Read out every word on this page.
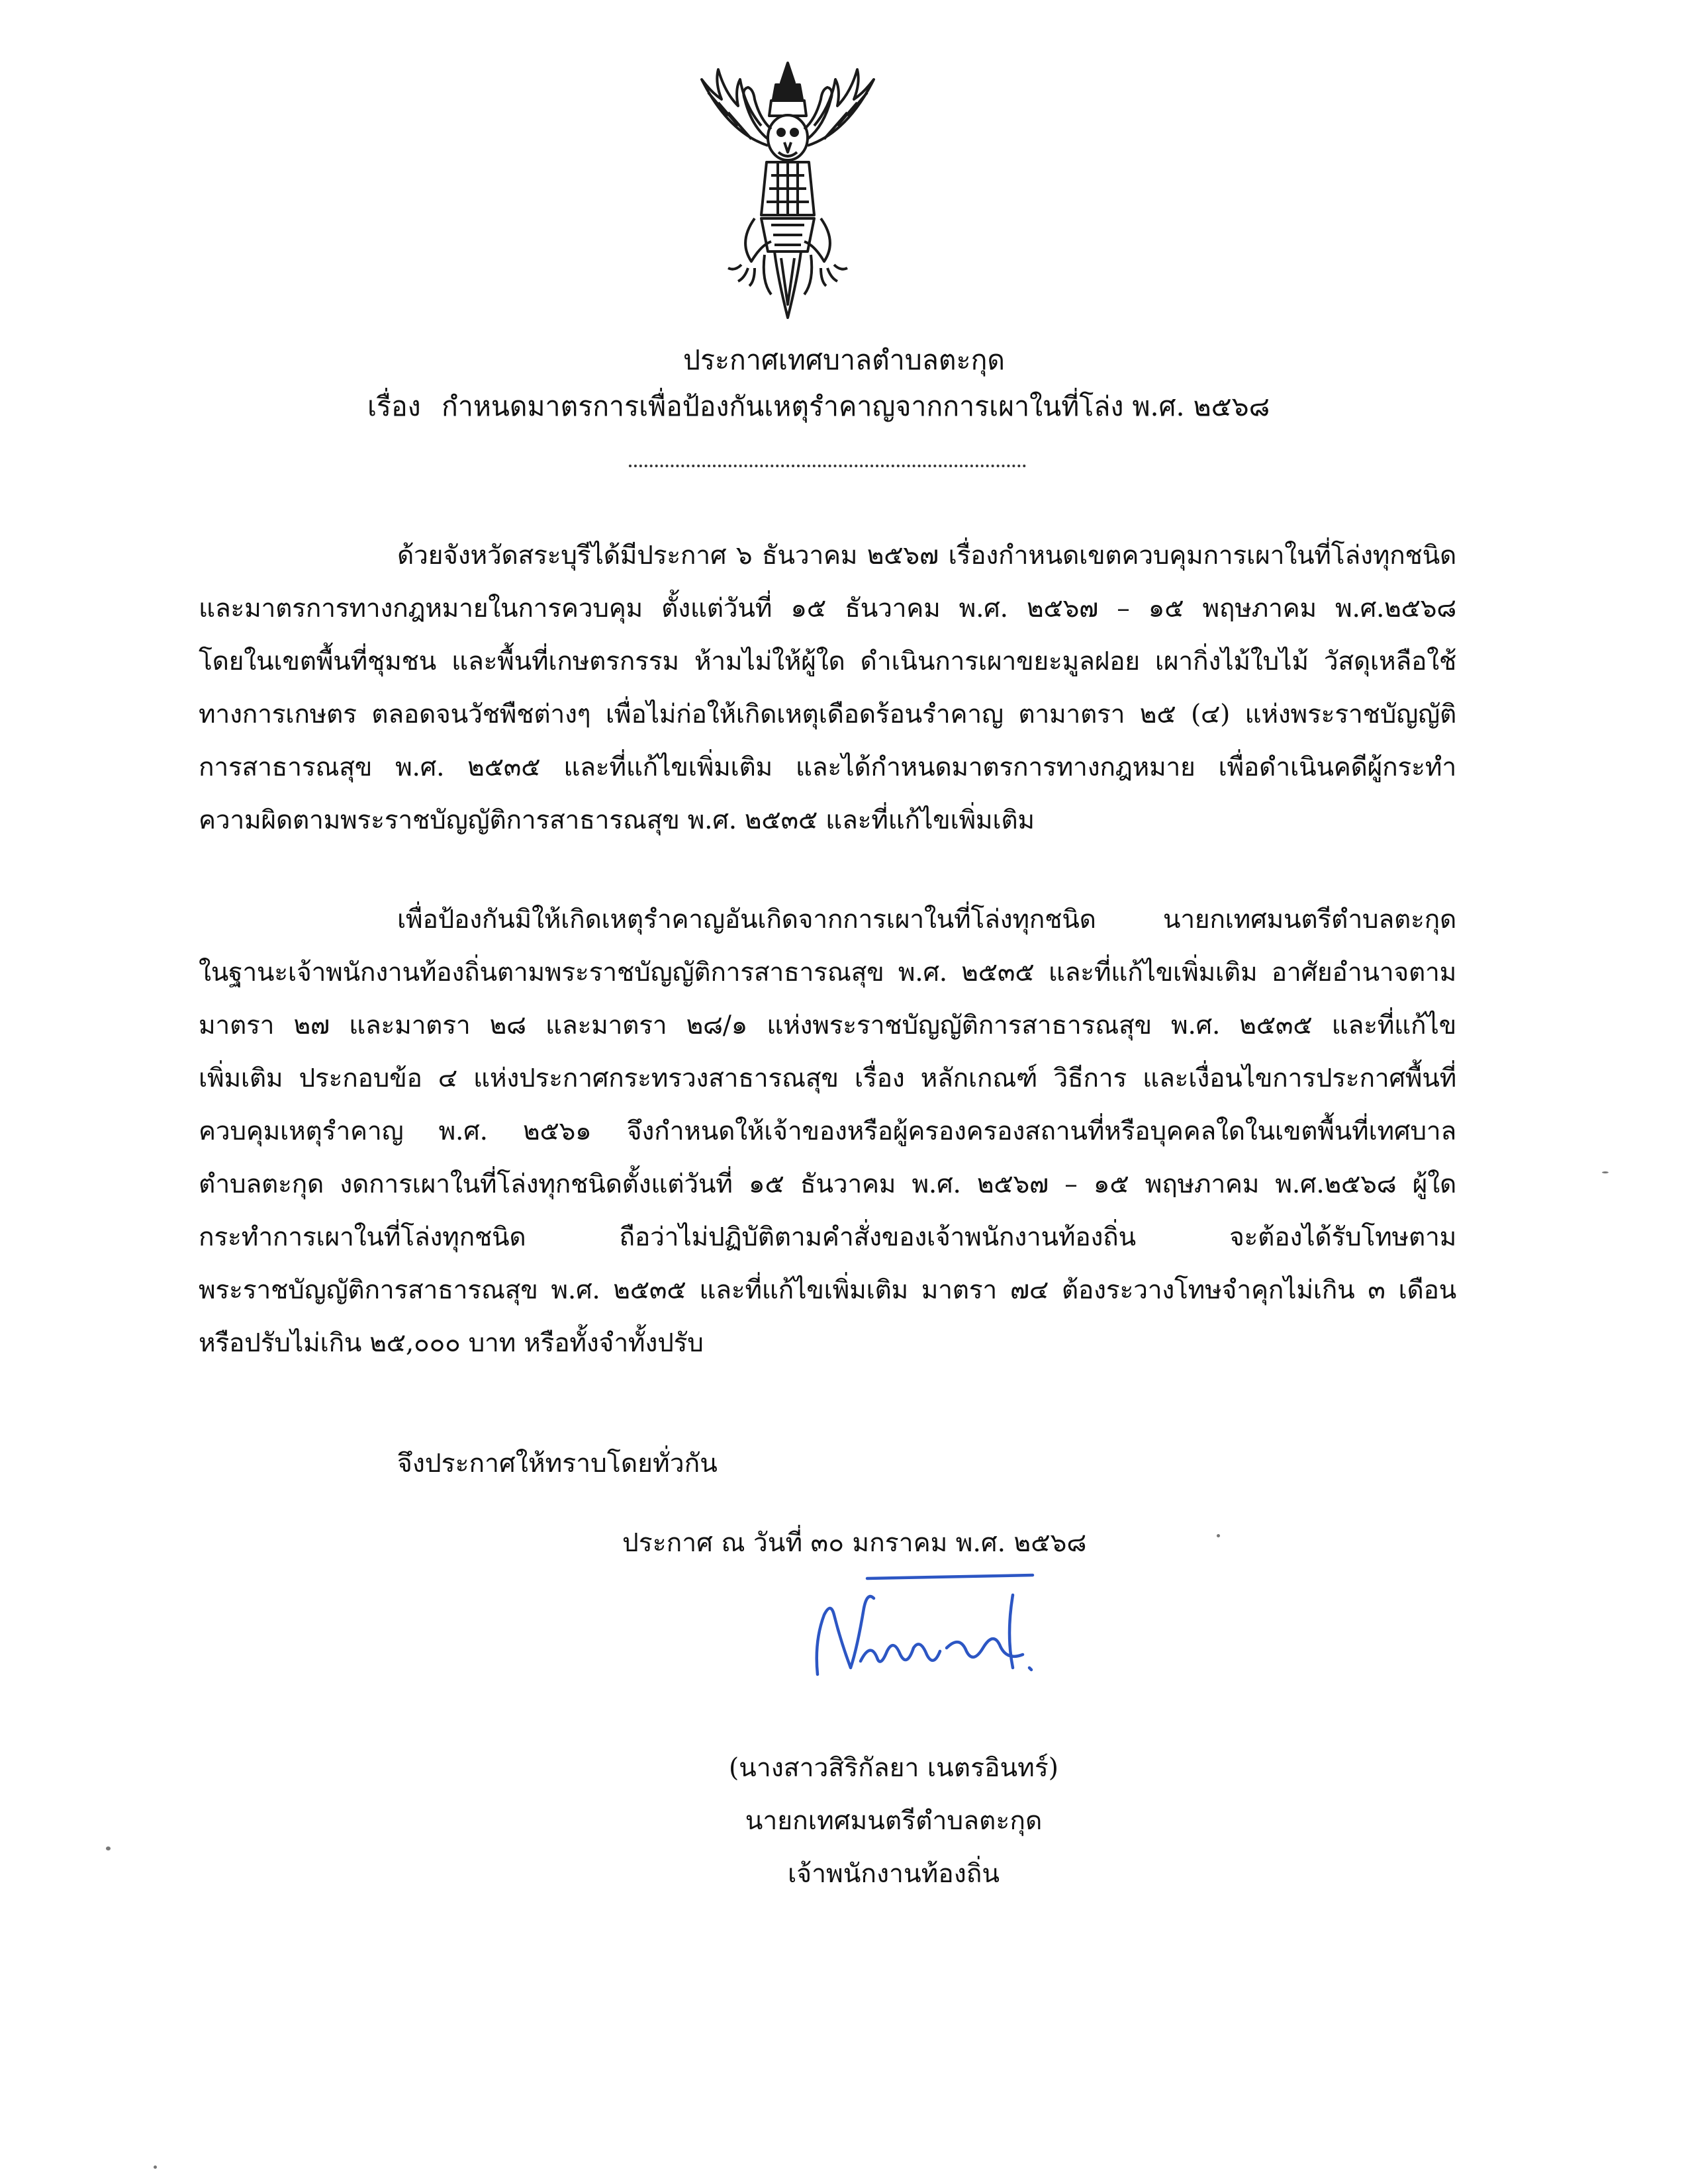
ประกาศเทศบาลตำบลตะกุด
เรื่อง กำหนดมาตรการเพื่อป้องกันเหตุรำคาญจากการเผาในที่โล่ง พ.ศ. ๒๕๖๘
ด้วยจังหวัดสระบุรีได้มีประกาศ ๖ ธันวาคม ๒๕๖๗ เรื่องกำหนดเขตควบคุมการเผาในที่โล่งทุกชนิด
และมาตรการทางกฎหมายในการควบคุม ตั้งแต่วันที่ ๑๕ ธันวาคม พ.ศ. ๒๕๖๗ – ๑๕ พฤษภาคม พ.ศ.๒๕๖๘
โดยในเขตพื้นที่ชุมชน และพื้นที่เกษตรกรรม ห้ามไม่ให้ผู้ใด ดำเนินการเผาขยะมูลฝอย เผากิ่งไม้ใบไม้ วัสดุเหลือใช้
ทางการเกษตร ตลอดจนวัชพืชต่างๆ เพื่อไม่ก่อให้เกิดเหตุเดือดร้อนรำคาญ ตามาตรา ๒๕ (๔) แห่งพระราชบัญญัติ
การสาธารณสุข พ.ศ. ๒๕๓๕ และที่แก้ไขเพิ่มเติม และได้กำหนดมาตรการทางกฎหมาย เพื่อดำเนินคดีผู้กระทำ
ความผิดตามพระราชบัญญัติการสาธารณสุข พ.ศ. ๒๕๓๕ และที่แก้ไขเพิ่มเติม
เพื่อป้องกันมิให้เกิดเหตุรำคาญอันเกิดจากการเผาในที่โล่งทุกชนิด นายกเทศมนตรีตำบลตะกุด
ในฐานะเจ้าพนักงานท้องถิ่นตามพระราชบัญญัติการสาธารณสุข พ.ศ. ๒๕๓๕ และที่แก้ไขเพิ่มเติม อาศัยอำนาจตาม
มาตรา ๒๗ และมาตรา ๒๘ และมาตรา ๒๘/๑ แห่งพระราชบัญญัติการสาธารณสุข พ.ศ. ๒๕๓๕ และที่แก้ไข
เพิ่มเติม ประกอบข้อ ๔ แห่งประกาศกระทรวงสาธารณสุข เรื่อง หลักเกณฑ์ วิธีการ และเงื่อนไขการประกาศพื้นที่
ควบคุมเหตุรำคาญ พ.ศ. ๒๕๖๑ จึงกำหนดให้เจ้าของหรือผู้ครองครองสถานที่หรือบุคคลใดในเขตพื้นที่เทศบาล
ตำบลตะกุด งดการเผาในที่โล่งทุกชนิดตั้งแต่วันที่ ๑๕ ธันวาคม พ.ศ. ๒๕๖๗ – ๑๕ พฤษภาคม พ.ศ.๒๕๖๘ ผู้ใด
กระทำการเผาในที่โล่งทุกชนิด ถือว่าไม่ปฏิบัติตามคำสั่งของเจ้าพนักงานท้องถิ่น จะต้องได้รับโทษตาม
พระราชบัญญัติการสาธารณสุข พ.ศ. ๒๕๓๕ และที่แก้ไขเพิ่มเติม มาตรา ๗๔ ต้องระวางโทษจำคุกไม่เกิน ๓ เดือน
หรือปรับไม่เกิน ๒๕,๐๐๐ บาท หรือทั้งจำทั้งปรับ
จึงประกาศให้ทราบโดยทั่วกัน
ประกาศ ณ วันที่ ๓๐ มกราคม พ.ศ. ๒๕๖๘
(นางสาวสิริกัลยา เนตรอินทร์)
นายกเทศมนตรีตำบลตะกุด
เจ้าพนักงานท้องถิ่น
